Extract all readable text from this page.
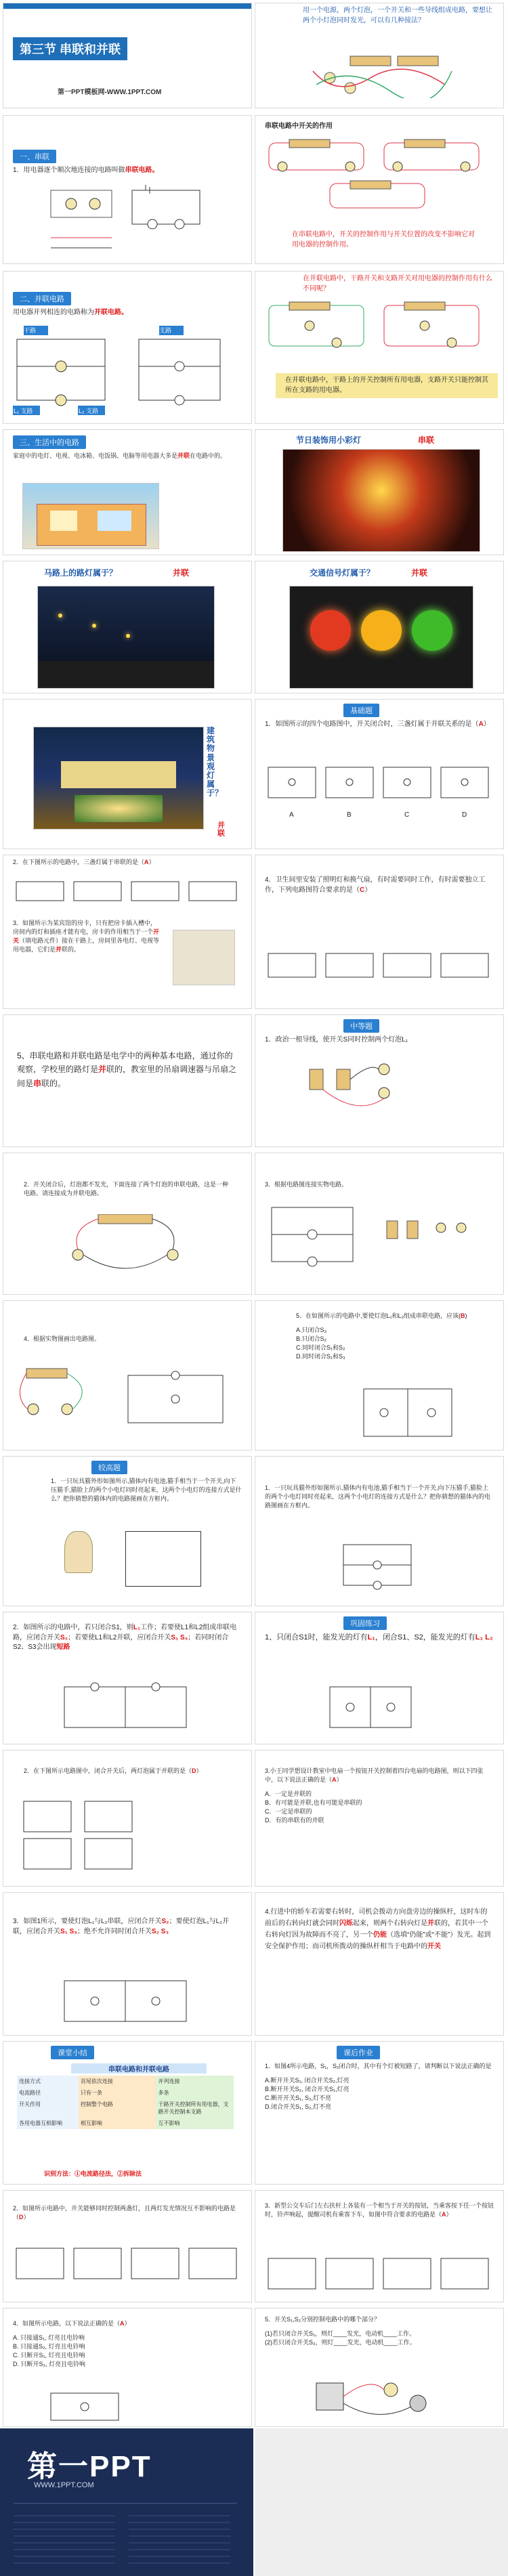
第三节 串联和并联
第一PPT模板网-WWW.1PPT.COM
用一个电源，两个灯泡，一个开关和一些导线组成电路，要想让两个小灯泡同时发光，可以有几种接法？
一、串联
1．用电器逐个顺次地连接的电路叫做串联电路。
串联电路中开关的作用
在串联电路中，开关的控制作用与开关位置的改变不影响它对用电器的控制作用。
二、并联电路
用电器并列相连的电路称为并联电路。
干路	支路
L₁ 支路	L₂ 支路
在并联电路中，干路开关和支路开关对用电器的控制作用有什么不同呢？
在并联电路中，干路上的开关控制所有用电器，支路开关只能控制其所在支路的用电器。
三、生活中的电路
家庭中的电灯、电视、电冰箱、电饭锅、电脑等用电器大多是并联在电路中的。
节日装饰用小彩灯	串联
马路上的路灯属于？	并联	交通信号灯属于？	并联
建筑物景观灯属于？
并联
基础题
1．如图所示的四个电路图中，开关闭合时，三盏灯属于并联关系的是（A）
A	B	C	D
2．在下图所示的电路中，三盏灯属于串联的是（A）
3．如图所示为某宾馆的房卡，只有把房卡插入槽中，房间内的灯和插座才能有电，房卡的作用相当于一个开关（填电路元件）接在干路上，房间里各电灯、电视等用电器，它们是并联的。
4．卫生间里安装了照明灯和换气扇，有时需要同时工作，有时需要独立工作，下列电路图符合要求的是（C）
5、串联电路和并联电路是电学中的两种基本电路，通过你的观察，学校里的路灯是并联的，教室里的吊扇调速器与吊扇之间是串联的。
中等题
1．政治一根导线，使开关S同时控制两个灯泡L₁
2．开关闭合后，灯泡都不发光，下面连接了两个灯泡的串联电路，这是一种电路。请连接成为并联电路。
3．根据电路图连接实物电路。
4．根据实物图画出电路图。
5．在如图所示的电路中,要使灯泡L₁和L₂组成串联电路，应该(B)
A.只闭合S₃
B.只闭合S₂
C.同时闭合S₁和S₂
D.同时闭合S₁和S₃
较高题
1．一只玩具猫外形如图所示,猫体内有电池,猫手相当于一个开关,向下压猫手,猫脸上的两个小电灯同时亮起来，这两个小电灯的连接方式是什么？把你猜想的猫体内的电路图画在方框内。
1．一只玩具猫外形如图所示,猫体内有电池,猫手相当于一个开关,向下压猫手,猫脸上的两个小电灯同时亮起来，这两个小电灯的连接方式是什么？把你猜想的猫体内的电路图画在方框内。
2．如图所示的电路中，若只闭合S1，则L₁工作；若要使L1和L2组成串联电路，应闭合开关S₂；若要使L1和L2并联，应闭合开关S₁ S₃；若同时闭合S2、S3会出现短路
巩固练习
1、只闭合S1时，能发光的灯有L₁，闭合S1、S2，能发光的灯有L₁ L₂
2．在下图所示电路图中，闭合开关后，两灯泡属于并联的是（D）	3.小王同学想设计教室中电扇一个按钮开关控制着四台电扇的电路图，则以下四张中，以下说法正确的是（A）
A．一定是并联的
B．有可能是并联,也有可能是串联的
C．一定是串联的
D．有的串联有的并联
3．如图1所示，要使灯泡L₁与L₂串联，应闭合开关S₂；要使灯泡L₁与L₂并联，应闭合开关S₁ S₃；绝不允许同时闭合开关S₂ S₃
4.行进中的轿车若需要右转时，司机会拨动方向盘旁边的操纵杆，这时车的前后的右转向灯就会同时闪烁起来，则两个右转向灯是并联的，若其中一个右转向灯因为故障而不亮了，另一个仍能（选填“仍能”或“不能”）发光。起到安全保护作用；而司机所拨动的操纵杆相当于电路中的开关
课堂小结
串联电路和并联电路
连接方式	首尾依次连接	并列连接
电流路径	只有一条	多条
开关作用	控制整个电路	干路开关控制所有用电器，支路开关控制本支路
各用电器互相影响	相互影响	互不影响
识别方法：①电流路径法，②拆除法
课后作业
1．如图4所示电路，S₁，S₂闭合时，其中有个灯被短路了，请判断以下说法正确的是
A.断开开关S₁, 闭合开关S₂,灯亮
B.断开开关S₂, 闭合开关S₁,灯亮
C.断开开关S₁, S₂,灯不亮
D.闭合开关S₁, S₂,灯不亮
2．如图所示电路中，开关能够同时控制两盏灯，且两灯发光情况互不影响的电路是（D）
3．新型公交车后门左右扶杆上各装有一个相当于开关的按钮，当乘客按下任一个按钮时，铃声响起，提醒司机有乘客下车，如图中符合要求的电路是（A）
4．如图所示电路，以下说法正确的是（A）
A. 只接通S₁, 灯亮且电铃响
B. 只接通S₂, 灯亮且电铃响
C. 只断开S₁, 灯亮且电铃响
D. 只断开S₂, 灯亮且电铃响
5．开关S₁,S₂分别控制电路中的哪个部分？
(1)若只闭合开关S₁，则灯____发光，电动机____工作。
(2)若只闭合开关S₂，则灯____发光，电动机____工作。
第一PPT
WWW.1PPT.COM
